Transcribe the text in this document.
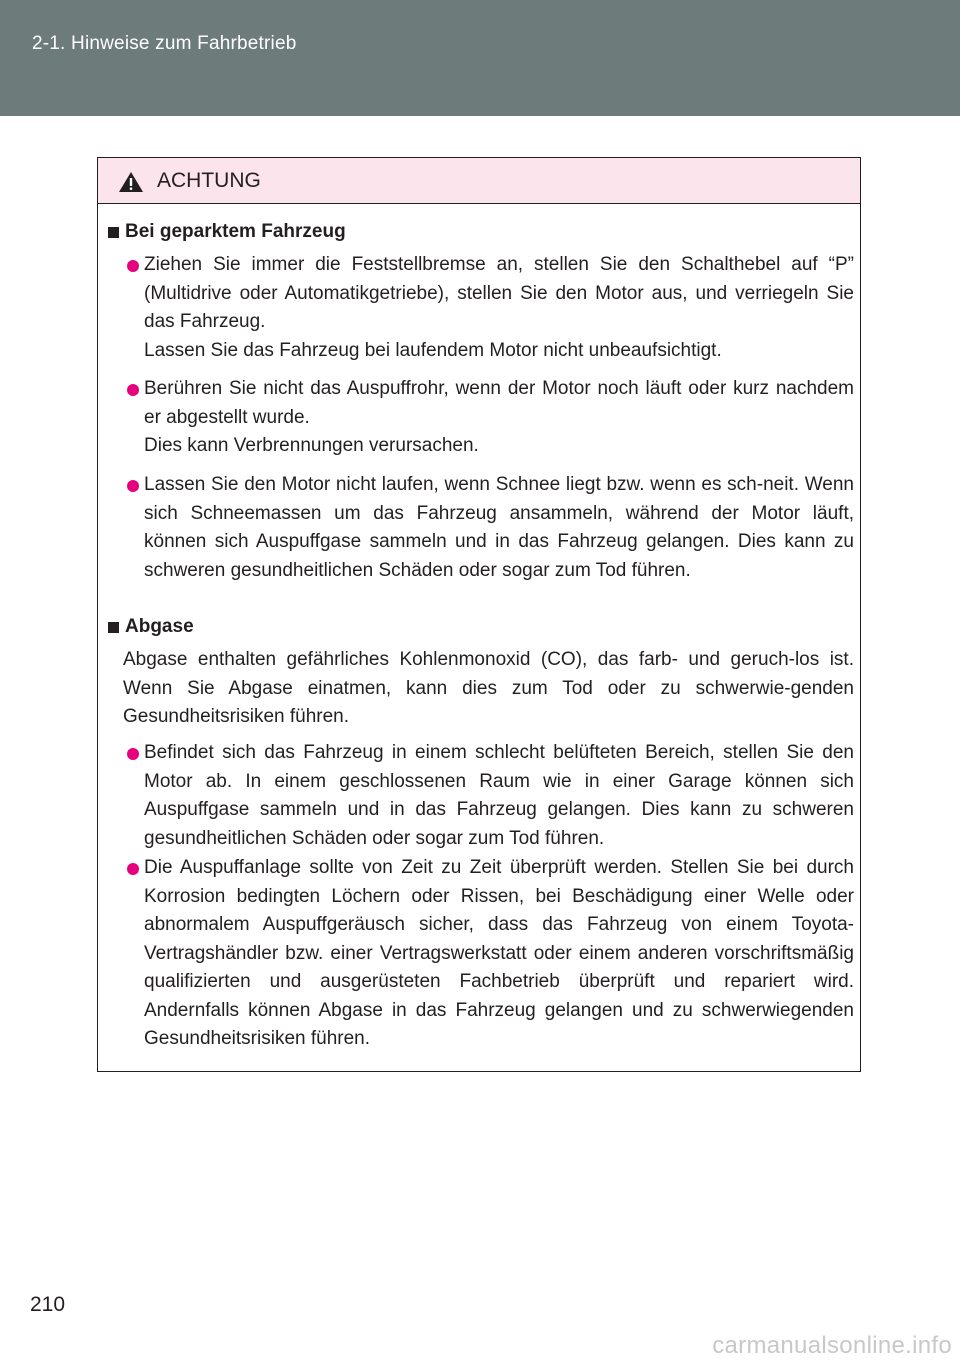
2-1. Hinweise zum Fahrbetrieb
ACHTUNG
Bei geparktem Fahrzeug

Ziehen Sie immer die Feststellbremse an, stellen Sie den Schalthebel auf “P” (Multidrive oder Automatikgetriebe), stellen Sie den Motor aus, und verriegeln Sie das Fahrzeug.

Lassen Sie das Fahrzeug bei laufendem Motor nicht unbeaufsichtigt.

Berühren Sie nicht das Auspuffrohr, wenn der Motor noch läuft oder kurz nachdem er abgestellt wurde.

Dies kann Verbrennungen verursachen.

Lassen Sie den Motor nicht laufen, wenn Schnee liegt bzw. wenn es sch-neit. Wenn sich Schneemassen um das Fahrzeug ansammeln, während der Motor läuft, können sich Auspuffgase sammeln und in das Fahrzeug gelangen. Dies kann zu schweren gesundheitlichen Schäden oder sogar zum Tod führen.

Abgase

Abgase enthalten gefährliches Kohlenmonoxid (CO), das farb- und geruch-los ist. Wenn Sie Abgase einatmen, kann dies zum Tod oder zu schwerwie-genden Gesundheitsrisiken führen.

Befindet sich das Fahrzeug in einem schlecht belüfteten Bereich, stellen Sie den Motor ab. In einem geschlossenen Raum wie in einer Garage können sich Auspuffgase sammeln und in das Fahrzeug gelangen. Dies kann zu schweren gesundheitlichen Schäden oder sogar zum Tod führen.

Die Auspuffanlage sollte von Zeit zu Zeit überprüft werden. Stellen Sie bei durch Korrosion bedingten Löchern oder Rissen, bei Beschädigung einer Welle oder abnormalem Auspuffgeräusch sicher, dass das Fahrzeug von einem Toyota-Vertragshändler bzw. einer Vertragswerkstatt oder einem anderen vorschriftsmäßig qualifizierten und ausgerüsteten Fachbetrieb überprüft und repariert wird. Andernfalls können Abgase in das Fahrzeug gelangen und zu schwerwiegenden Gesundheitsrisiken führen.

210
carmanualsonline.info
